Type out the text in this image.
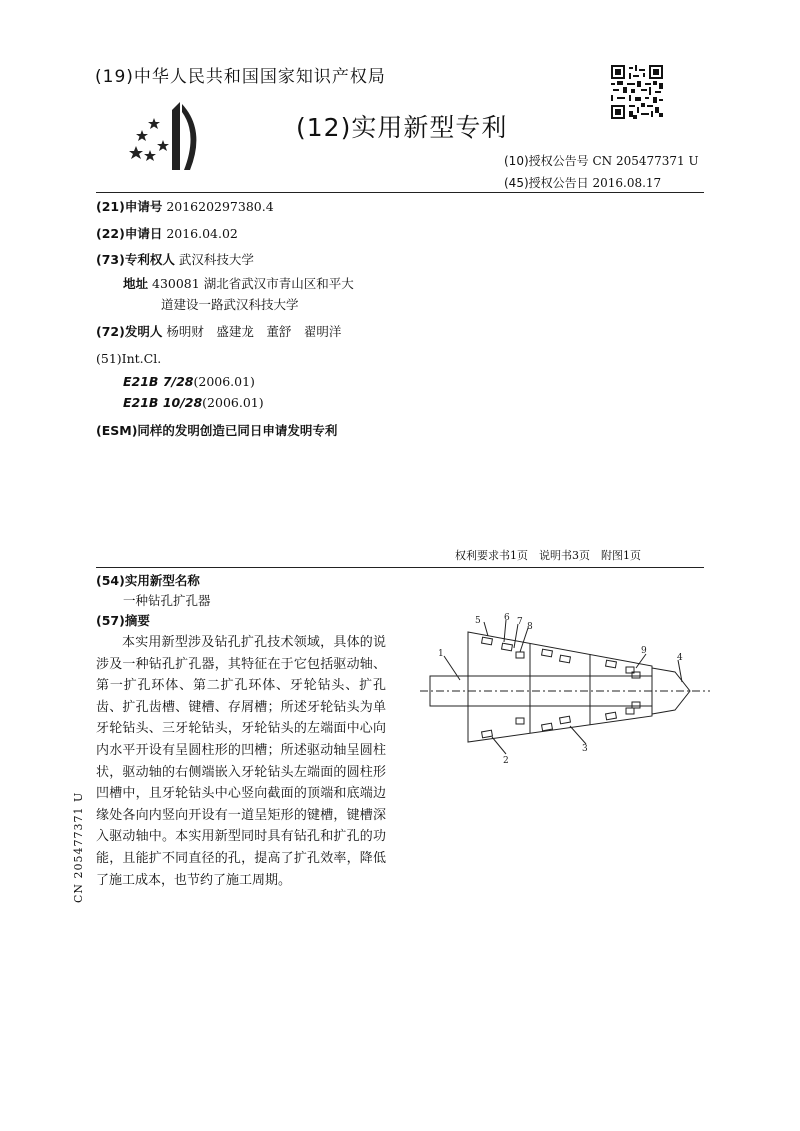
(19)中华人民共和国国家知识产权局
(12)实用新型专利
(10)授权公告号 CN 205477371 U
(45)授权公告日 2016.08.17
(21)申请号 201620297380.4
(22)申请日 2016.04.02
(73)专利权人 武汉科技大学
地址 430081 湖北省武汉市青山区和平大
道建设一路武汉科技大学
(72)发明人 杨明财　盛建龙　董舒　翟明洋
(51)Int.Cl.
E21B 7/28(2006.01)
E21B 10/28(2006.01)
(ESM)同样的发明创造已同日申请发明专利
权利要求书1页　说明书3页　附图1页
(54)实用新型名称
一种钻孔扩孔器
(57)摘要
本实用新型涉及钻孔扩孔技术领域，具体的说涉及一种钻孔扩孔器，其特征在于它包括驱动轴、第一扩孔环体、第二扩孔环体、牙轮钻头、扩孔齿、扩孔齿槽、键槽、存屑槽；所述牙轮钻头为单牙轮钻头、三牙轮钻头，牙轮钻头的左端面中心向内水平开设有呈圆柱形的凹槽；所述驱动轴呈圆柱状，驱动轴的右侧端嵌入牙轮钻头左端面的圆柱形凹槽中，且牙轮钻头中心竖向截面的顶端和底端边缘处各向内竖向开设有一道呈矩形的键槽，键槽深入驱动轴中。本实用新型同时具有钻孔和扩孔的功能，且能扩不同直径的孔，提高了扩孔效率，降低了施工成本，也节约了施工周期。
1
2
3
4
5	6 7 8
9
CN 205477371 U
